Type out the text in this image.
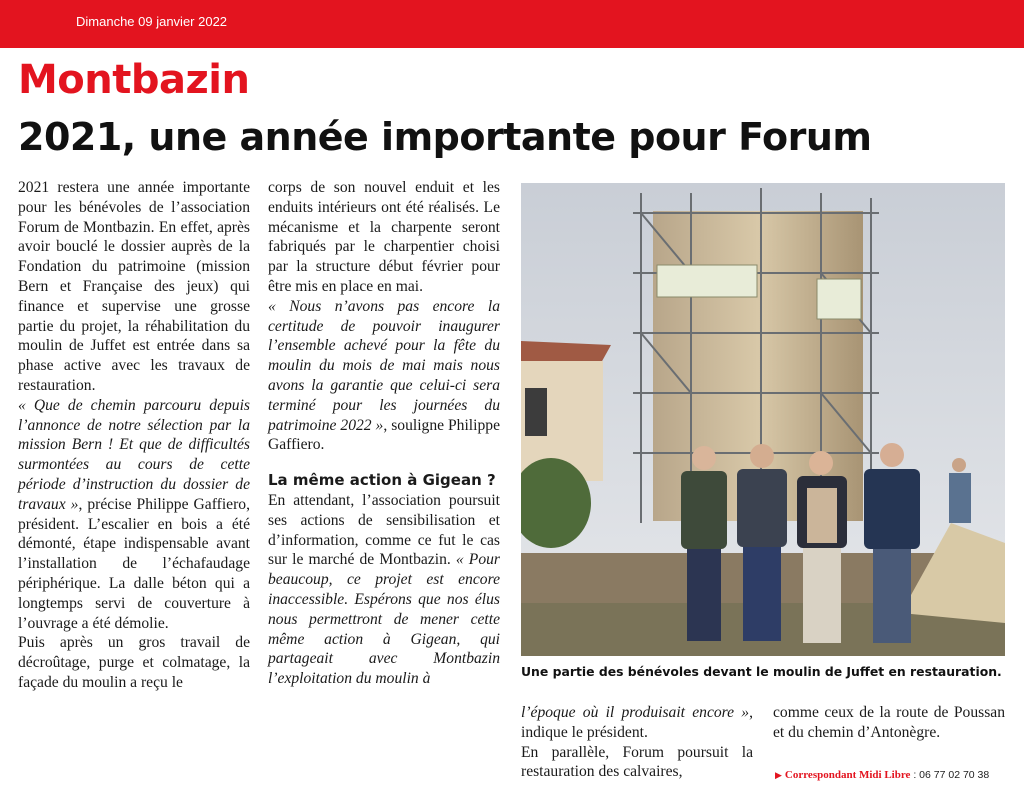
Dimanche 09 janvier 2022
Montbazin
2021, une année importante pour Forum

2021 restera une année importante pour les bénévoles de l’association Forum de Montbazin. En effet, après avoir bouclé le dossier auprès de la Fondation du patrimoine (mission Bern et Française des jeux) qui finance et supervise une grosse partie du projet, la réhabilitation du moulin de Juffet est entrée dans sa phase active avec les travaux de restauration.

« Que de chemin parcouru depuis l’annonce de notre sélection par la mission Bern ! Et que de difficultés surmontées au cours de cette période d’instruction du dossier de travaux », précise Philippe Gaffiero, président. L’escalier en bois a été démonté, étape indispensable avant l’installation de l’échafaudage périphérique. La dalle béton qui a longtemps servi de couverture à l’ouvrage a été démolie.

Puis après un gros travail de décroûtage, purge et colmatage, la façade du moulin a reçu le

corps de son nouvel enduit et les enduits intérieurs ont été réalisés. Le mécanisme et la charpente seront fabriqués par le charpentier choisi par la structure début février pour être mis en place en mai.

« Nous n’avons pas encore la certitude de pouvoir inaugurer l’ensemble achevé pour la fête du moulin du mois de mai mais nous avons la garantie que celui-ci sera terminé pour les journées du patrimoine 2022 », souligne Philippe Gaffiero.

La même action à Gigean ?

En attendant, l’association poursuit ses actions de sensibilisation et d’information, comme ce fut le cas sur le marché de Montbazin. « Pour beaucoup, ce projet est encore inaccessible. Espérons que nos élus nous permettront de mener cette même action à Gigean, qui partageait avec Montbazin l’exploitation du moulin à	Une partie des bénévoles devant le moulin de Juffet en restauration.

l’époque où il produisait encore », indique le président.

En parallèle, Forum poursuit la restauration des calvaires,

comme ceux de la route de Poussan et du chemin d’Antonègre.

▶ Correspondant Midi Libre : 06 77 02 70 38
